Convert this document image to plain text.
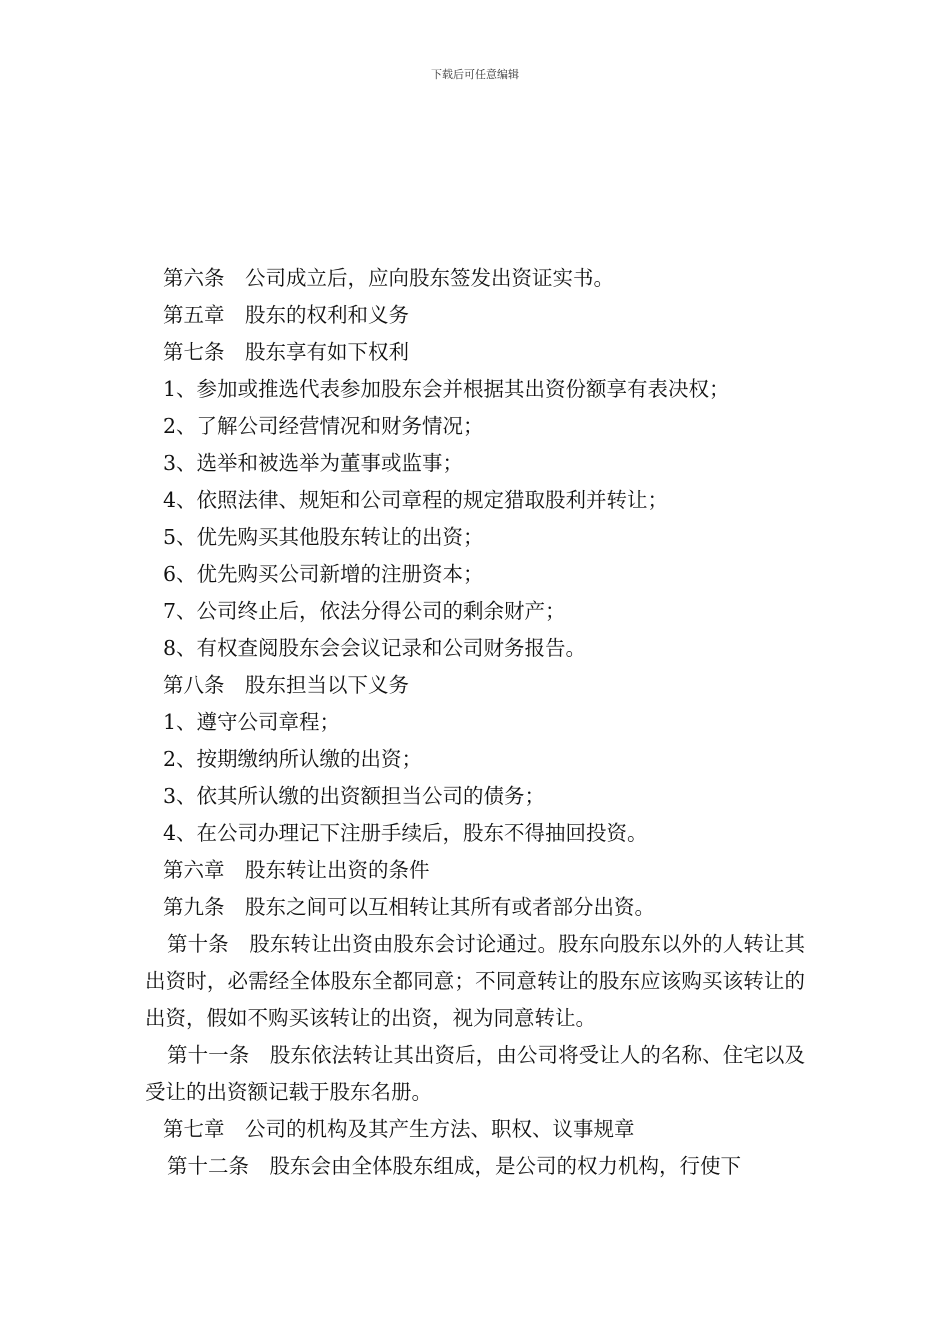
下载后可任意编辑
第六条　公司成立后，应向股东签发出资证实书。
第五章　股东的权利和义务
第七条　股东享有如下权利
1、参加或推选代表参加股东会并根据其出资份额享有表决权；
2、了解公司经营情况和财务情况；
3、选举和被选举为董事或监事；
4、依照法律、规矩和公司章程的规定猎取股利并转让；
5、优先购买其他股东转让的出资；
6、优先购买公司新增的注册资本；
7、公司终止后，依法分得公司的剩余财产；
8、有权查阅股东会会议记录和公司财务报告。
第八条　股东担当以下义务
1、遵守公司章程；
2、按期缴纳所认缴的出资；
3、依其所认缴的出资额担当公司的债务；
4、在公司办理记下注册手续后，股东不得抽回投资。
第六章　股东转让出资的条件
第九条　股东之间可以互相转让其所有或者部分出资。
第十条　股东转让出资由股东会讨论通过。股东向股东以外的人转让其出资时，必需经全体股东全都同意；不同意转让的股东应该购买该转让的出资，假如不购买该转让的出资，视为同意转让。
第十一条　股东依法转让其出资后，由公司将受让人的名称、住宅以及受让的出资额记载于股东名册。
第七章　公司的机构及其产生方法、职权、议事规章
第十二条　股东会由全体股东组成，是公司的权力机构，行使下
